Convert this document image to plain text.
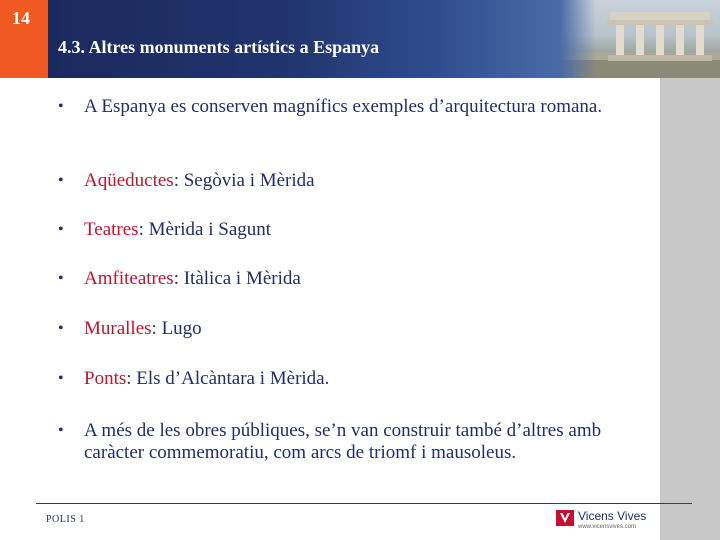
14
4.3. Altres monuments artístics a Espanya
• A Espanya es conserven magnífics exemples d’arquitectura romana.
• Aqüeductes: Segòvia i Mèrida
• Teatres: Mèrida i Sagunt
• Amfiteatres: Itàlica i Mèrida
• Muralles: Lugo
• Ponts: Els d’Alcàntara i Mèrida.
• A més de les obres públiques, se’n van construir també d’altres amb caràcter commemoratiu, com arcs de triomf i mausoleus.
POLIS 1	Vicens Vives
www.vicensvives.com
